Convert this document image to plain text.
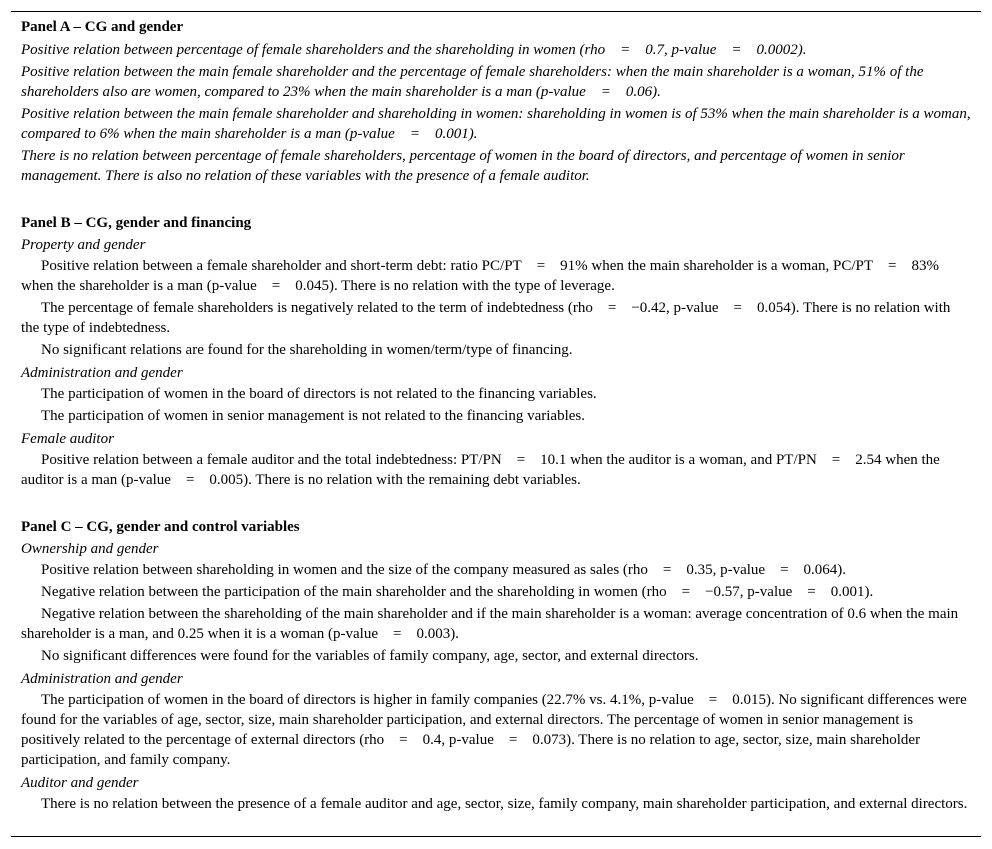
Panel A – CG and gender
Positive relation between percentage of female shareholders and the shareholding in women (rho  =  0.7, p-value  =  0.0002).
Positive relation between the main female shareholder and the percentage of female shareholders: when the main shareholder is a woman, 51% of the shareholders also are women, compared to 23% when the main shareholder is a man (p-value  =  0.06).
Positive relation between the main female shareholder and shareholding in women: shareholding in women is of 53% when the main shareholder is a woman, compared to 6% when the main shareholder is a man (p-value  =  0.001).
There is no relation between percentage of female shareholders, percentage of women in the board of directors, and percentage of women in senior management. There is also no relation of these variables with the presence of a female auditor.
Panel B – CG, gender and financing
Property and gender
Positive relation between a female shareholder and short-term debt: ratio PC/PT  =  91% when the main shareholder is a woman, PC/PT  =  83% when the shareholder is a man (p-value  =  0.045). There is no relation with the type of leverage.
The percentage of female shareholders is negatively related to the term of indebtedness (rho  =  −0.42, p-value  =  0.054). There is no relation with the type of indebtedness.
No significant relations are found for the shareholding in women/term/type of financing.
Administration and gender
The participation of women in the board of directors is not related to the financing variables.
The participation of women in senior management is not related to the financing variables.
Female auditor
Positive relation between a female auditor and the total indebtedness: PT/PN  =  10.1 when the auditor is a woman, and PT/PN  =  2.54 when the auditor is a man (p-value  =  0.005). There is no relation with the remaining debt variables.
Panel C – CG, gender and control variables
Ownership and gender
Positive relation between shareholding in women and the size of the company measured as sales (rho  =  0.35, p-value  =  0.064).
Negative relation between the participation of the main shareholder and the shareholding in women (rho  =  −0.57, p-value  =  0.001).
Negative relation between the shareholding of the main shareholder and if the main shareholder is a woman: average concentration of 0.6 when the main shareholder is a man, and 0.25 when it is a woman (p-value  =  0.003).
No significant differences were found for the variables of family company, age, sector, and external directors.
Administration and gender
The participation of women in the board of directors is higher in family companies (22.7% vs. 4.1%, p-value  =  0.015). No significant differences were found for the variables of age, sector, size, main shareholder participation, and external directors. The percentage of women in senior management is positively related to the percentage of external directors (rho  =  0.4, p-value  =  0.073). There is no relation to age, sector, size, main shareholder participation, and family company.
Auditor and gender
There is no relation between the presence of a female auditor and age, sector, size, family company, main shareholder participation, and external directors.
